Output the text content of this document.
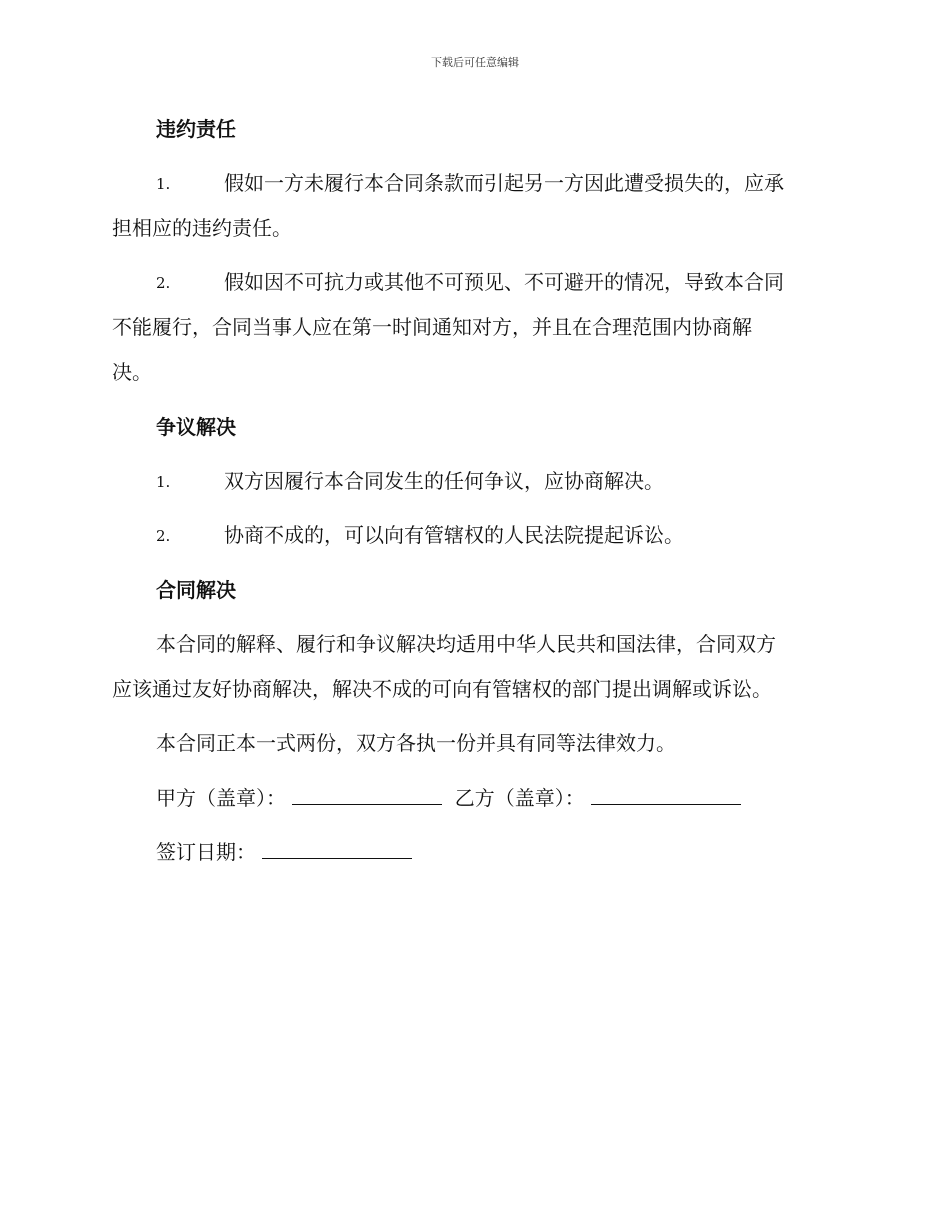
下载后可任意编辑
违约责任
1.	假如一方未履行本合同条款而引起另一方因此遭受损失的，应承
担相应的违约责任。
2.	假如因不可抗力或其他不可预见、不可避开的情况，导致本合同
不能履行，合同当事人应在第一时间通知对方，并且在合理范围内协商解
决。
争议解决
1.	双方因履行本合同发生的任何争议，应协商解决。
2.	协商不成的，可以向有管辖权的人民法院提起诉讼。
合同解决
本合同的解释、履行和争议解决均适用中华人民共和国法律，合同双方
应该通过友好协商解决，解决不成的可向有管辖权的部门提出调解或诉讼。
本合同正本一式两份，双方各执一份并具有同等法律效力。
甲方（盖章）：	乙方（盖章）：
签订日期：
